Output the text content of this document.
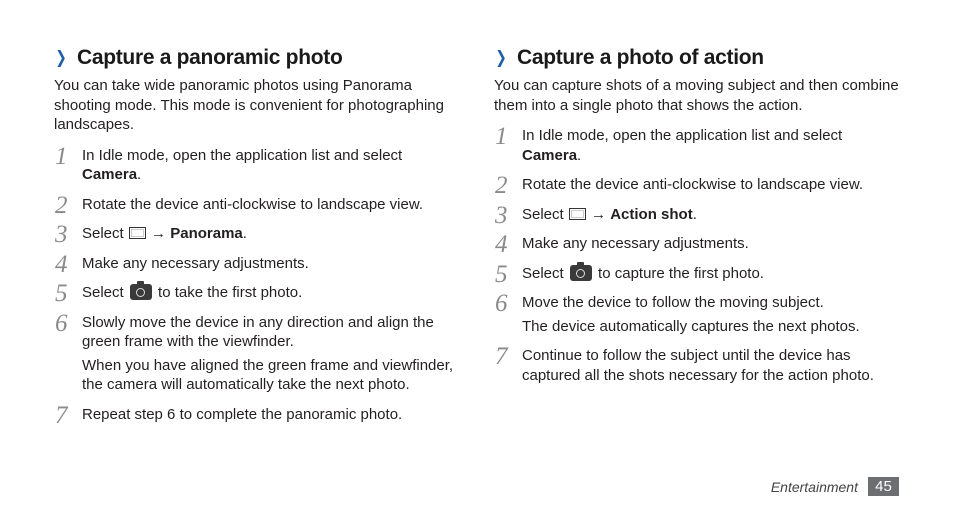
❯ Capture a panoramic photo

You can take wide panoramic photos using Panorama shooting mode. This mode is convenient for photographing landscapes.

1 In Idle mode, open the application list and select
Camera.
2 Rotate the device anti-clockwise to landscape view.
3 Select → Panorama.
4 Make any necessary adjustments.
5 Select to take the first photo.
6 Slowly move the device in any direction and align the green frame with the viewfinder.
When you have aligned the green frame and viewfinder, the camera will automatically take the next photo.
7 Repeat step 6 to complete the panoramic photo.
❯ Capture a photo of action

You can capture shots of a moving subject and then combine them into a single photo that shows the action.

1 In Idle mode, open the application list and select
Camera.
2 Rotate the device anti-clockwise to landscape view.
3 Select → Action shot.
4 Make any necessary adjustments.
5 Select to capture the first photo.
6 Move the device to follow the moving subject.
The device automatically captures the next photos.
7 Continue to follow the subject until the device has captured all the shots necessary for the action photo.
Entertainment	45
